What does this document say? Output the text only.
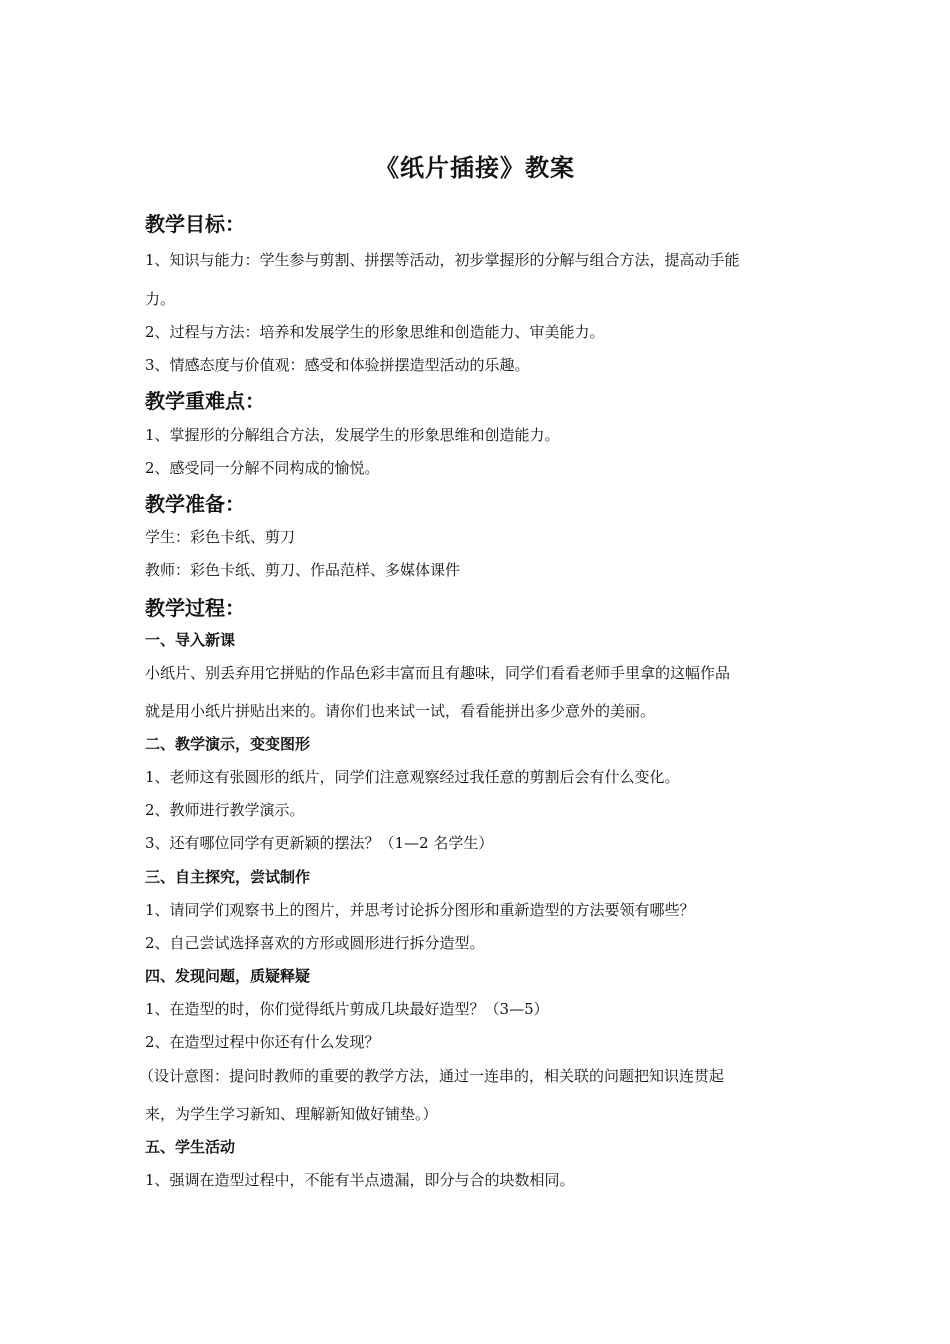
《纸片插接》教案
教学目标：
1、知识与能力：学生参与剪割、拼摆等活动，初步掌握形的分解与组合方法，提高动手能
力。
2、过程与方法：培养和发展学生的形象思维和创造能力、审美能力。
3、情感态度与价值观：感受和体验拼摆造型活动的乐趣。
教学重难点：
1、掌握形的分解组合方法，发展学生的形象思维和创造能力。
2、感受同一分解不同构成的愉悦。
教学准备：
学生：彩色卡纸、剪刀
教师：彩色卡纸、剪刀、作品范样、多媒体课件
教学过程：
一、导入新课
小纸片、别丢弃用它拼贴的作品色彩丰富而且有趣味，同学们看看老师手里拿的这幅作品
就是用小纸片拼贴出来的。请你们也来试一试，看看能拼出多少意外的美丽。
二、教学演示，变变图形
1、老师这有张圆形的纸片，同学们注意观察经过我任意的剪割后会有什么变化。
2、教师进行教学演示。
3、还有哪位同学有更新颖的摆法？（1—2 名学生）
三、自主探究，尝试制作
1、请同学们观察书上的图片，并思考讨论拆分图形和重新造型的方法要领有哪些？
2、自己尝试选择喜欢的方形或圆形进行拆分造型。
四、发现问题，质疑释疑
1、在造型的时，你们觉得纸片剪成几块最好造型？（3—5）
2、在造型过程中你还有什么发现？
（设计意图：提问时教师的重要的教学方法，通过一连串的，相关联的问题把知识连贯起
来，为学生学习新知、理解新知做好铺垫。）
五、学生活动
1、强调在造型过程中，不能有半点遗漏，即分与合的块数相同。
